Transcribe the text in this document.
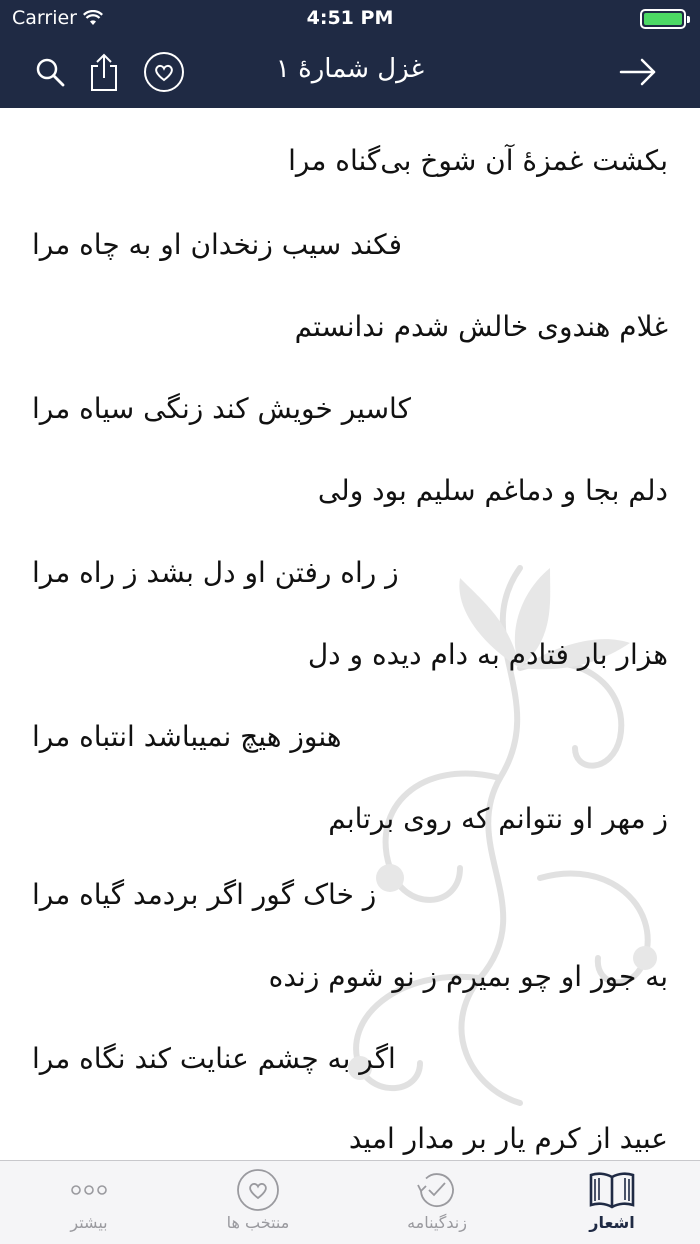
Carrier	4:51 PM
غزل شمارهٔ ۱
بکشت غمزهٔ آن شوخ بی‌گناه مرا
فکند سیب زنخدان او به چاه مرا
غلام هندوی خالش شدم ندانستم
کاسیر خویش کند زنگی سیاه مرا
دلم بجا و دماغم سلیم بود ولی
ز راه رفتن او دل بشد ز راه مرا
هزار بار فتادم به دام دیده و دل
هنوز هیچ نمیباشد انتباه مرا
ز مهر او نتوانم که روی برتابم
ز خاک گور اگر بردمد گیاه مرا
به جور او چو بمیرم ز نو شوم زنده
اگر به چشم عنایت کند نگاه مرا
عبید از کرم یار بر مدار امید
بیشتر	منتخب ها	زندگینامه	اشعار
